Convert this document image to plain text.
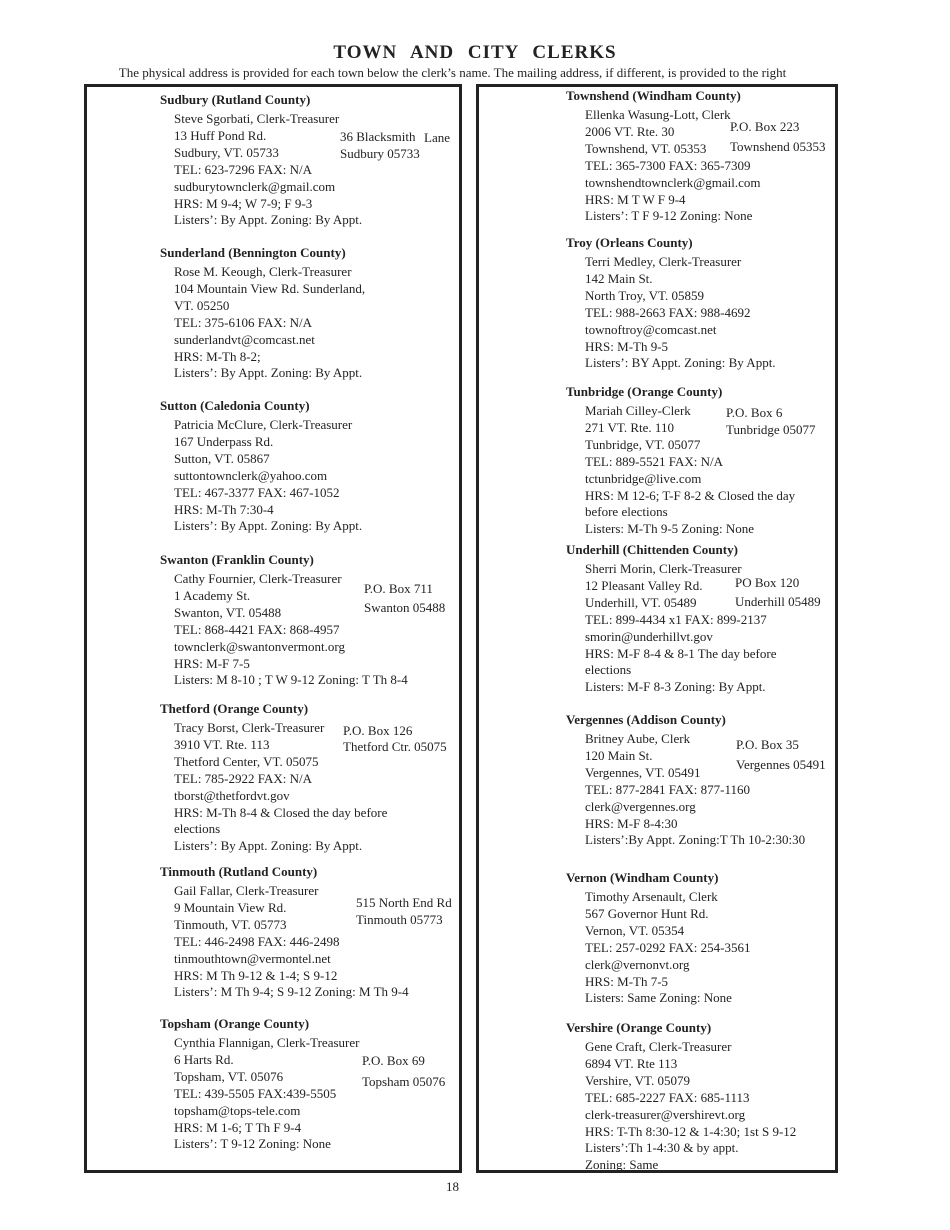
TOWN AND CITY CLERKS
The physical address is provided for each town below the clerk’s name. The mailing address, if different, is provided to the right
18
Sudbury (Rutland County)
Steve Sgorbati, Clerk-Treasurer
13 Huff Pond Rd.
Sudbury, VT. 05733
TEL: 623-7296 FAX: N/A
sudburytownclerk@gmail.com
HRS: M 9-4; W 7-9; F 9-3
Listers’: By Appt. Zoning: By Appt.
36 Blacksmith Lane
Sudbury 05733
Sunderland (Bennington County)
Rose M. Keough, Clerk-Treasurer
104 Mountain View Rd. Sunderland,
VT. 05250
TEL: 375-6106 FAX: N/A
sunderlandvt@comcast.net
HRS: M-Th 8-2;
Listers’: By Appt. Zoning: By Appt.
Sutton (Caledonia County)
Patricia McClure, Clerk-Treasurer
167 Underpass Rd.
Sutton, VT. 05867
suttontownclerk@yahoo.com
TEL: 467-3377 FAX: 467-1052
HRS: M-Th 7:30-4
Listers’: By Appt. Zoning: By Appt.
Swanton (Franklin County)
Cathy Fournier, Clerk-Treasurer
1 Academy St.
Swanton, VT. 05488
TEL: 868-4421 FAX: 868-4957
townclerk@swantonvermont.org
HRS: M-F 7-5
Listers: M 8-10 ; T W 9-12 Zoning: T Th 8-4
P.O. Box 711
Swanton 05488
Thetford (Orange County)
Tracy Borst, Clerk-Treasurer
3910 VT. Rte. 113
Thetford Center, VT. 05075
TEL: 785-2922 FAX: N/A
tborst@thetfordvt.gov
HRS: M-Th 8-4 & Closed the day before
elections
Listers’: By Appt. Zoning: By Appt.
P.O. Box 126
Thetford Ctr. 05075
Tinmouth (Rutland County)
Gail Fallar, Clerk-Treasurer
9 Mountain View Rd.
Tinmouth, VT. 05773
TEL: 446-2498 FAX: 446-2498
tinmouthtown@vermontel.net
HRS: M Th 9-12 & 1-4; S 9-12
Listers’: M Th 9-4; S 9-12 Zoning: M Th 9-4
515 North End Rd
Tinmouth 05773
Topsham (Orange County)
Cynthia Flannigan, Clerk-Treasurer
6 Harts Rd.
Topsham, VT. 05076
TEL: 439-5505 FAX:439-5505
topsham@tops-tele.com
HRS: M 1-6; T Th F 9-4
Listers’: T 9-12 Zoning: None
P.O. Box 69
Topsham 05076
Townshend (Windham County)
Ellenka Wasung-Lott, Clerk
2006 VT. Rte. 30
Townshend, VT. 05353
TEL: 365-7300 FAX: 365-7309
townshendtownclerk@gmail.com
HRS: M T W F 9-4
Listers’: T F 9-12 Zoning: None
P.O. Box 223
Townshend 05353
Troy (Orleans County)
Terri Medley, Clerk-Treasurer
142 Main St.
North Troy, VT. 05859
TEL: 988-2663 FAX: 988-4692
townoftroy@comcast.net
HRS: M-Th 9-5
Listers’: BY Appt. Zoning: By Appt.
Tunbridge (Orange County)
Mariah Cilley-Clerk
271 VT. Rte. 110
Tunbridge, VT. 05077
TEL: 889-5521 FAX: N/A
tctunbridge@live.com
HRS: M 12-6; T-F 8-2 & Closed the day
before elections
Listers: M-Th 9-5 Zoning: None
P.O. Box 6
Tunbridge 05077
Underhill (Chittenden County)
Sherri Morin, Clerk-Treasurer
12 Pleasant Valley Rd.
Underhill, VT. 05489
TEL: 899-4434 x1 FAX: 899-2137
smorin@underhillvt.gov
HRS: M-F 8-4 & 8-1 The day before
elections
Listers: M-F 8-3 Zoning: By Appt.
PO Box 120
Underhill 05489
Vergennes (Addison County)
Britney Aube, Clerk
120 Main St.
Vergennes, VT. 05491
TEL: 877-2841 FAX: 877-1160
clerk@vergennes.org
HRS: M-F 8-4:30
Listers’:By Appt. Zoning:T Th 10-2:30:30
P.O. Box 35
Vergennes 05491
Vernon (Windham County)
Timothy Arsenault, Clerk
567 Governor Hunt Rd.
Vernon, VT. 05354
TEL: 257-0292 FAX: 254-3561
clerk@vernonvt.org
HRS: M-Th 7-5
Listers: Same Zoning: None
Vershire (Orange County)
Gene Craft, Clerk-Treasurer
6894 VT. Rte 113
Vershire, VT. 05079
TEL: 685-2227 FAX: 685-1113
clerk-treasurer@vershirevt.org
HRS: T-Th 8:30-12 & 1-4:30; 1st S 9-12
Listers’:Th 1-4:30 & by appt.
Zoning: Same
